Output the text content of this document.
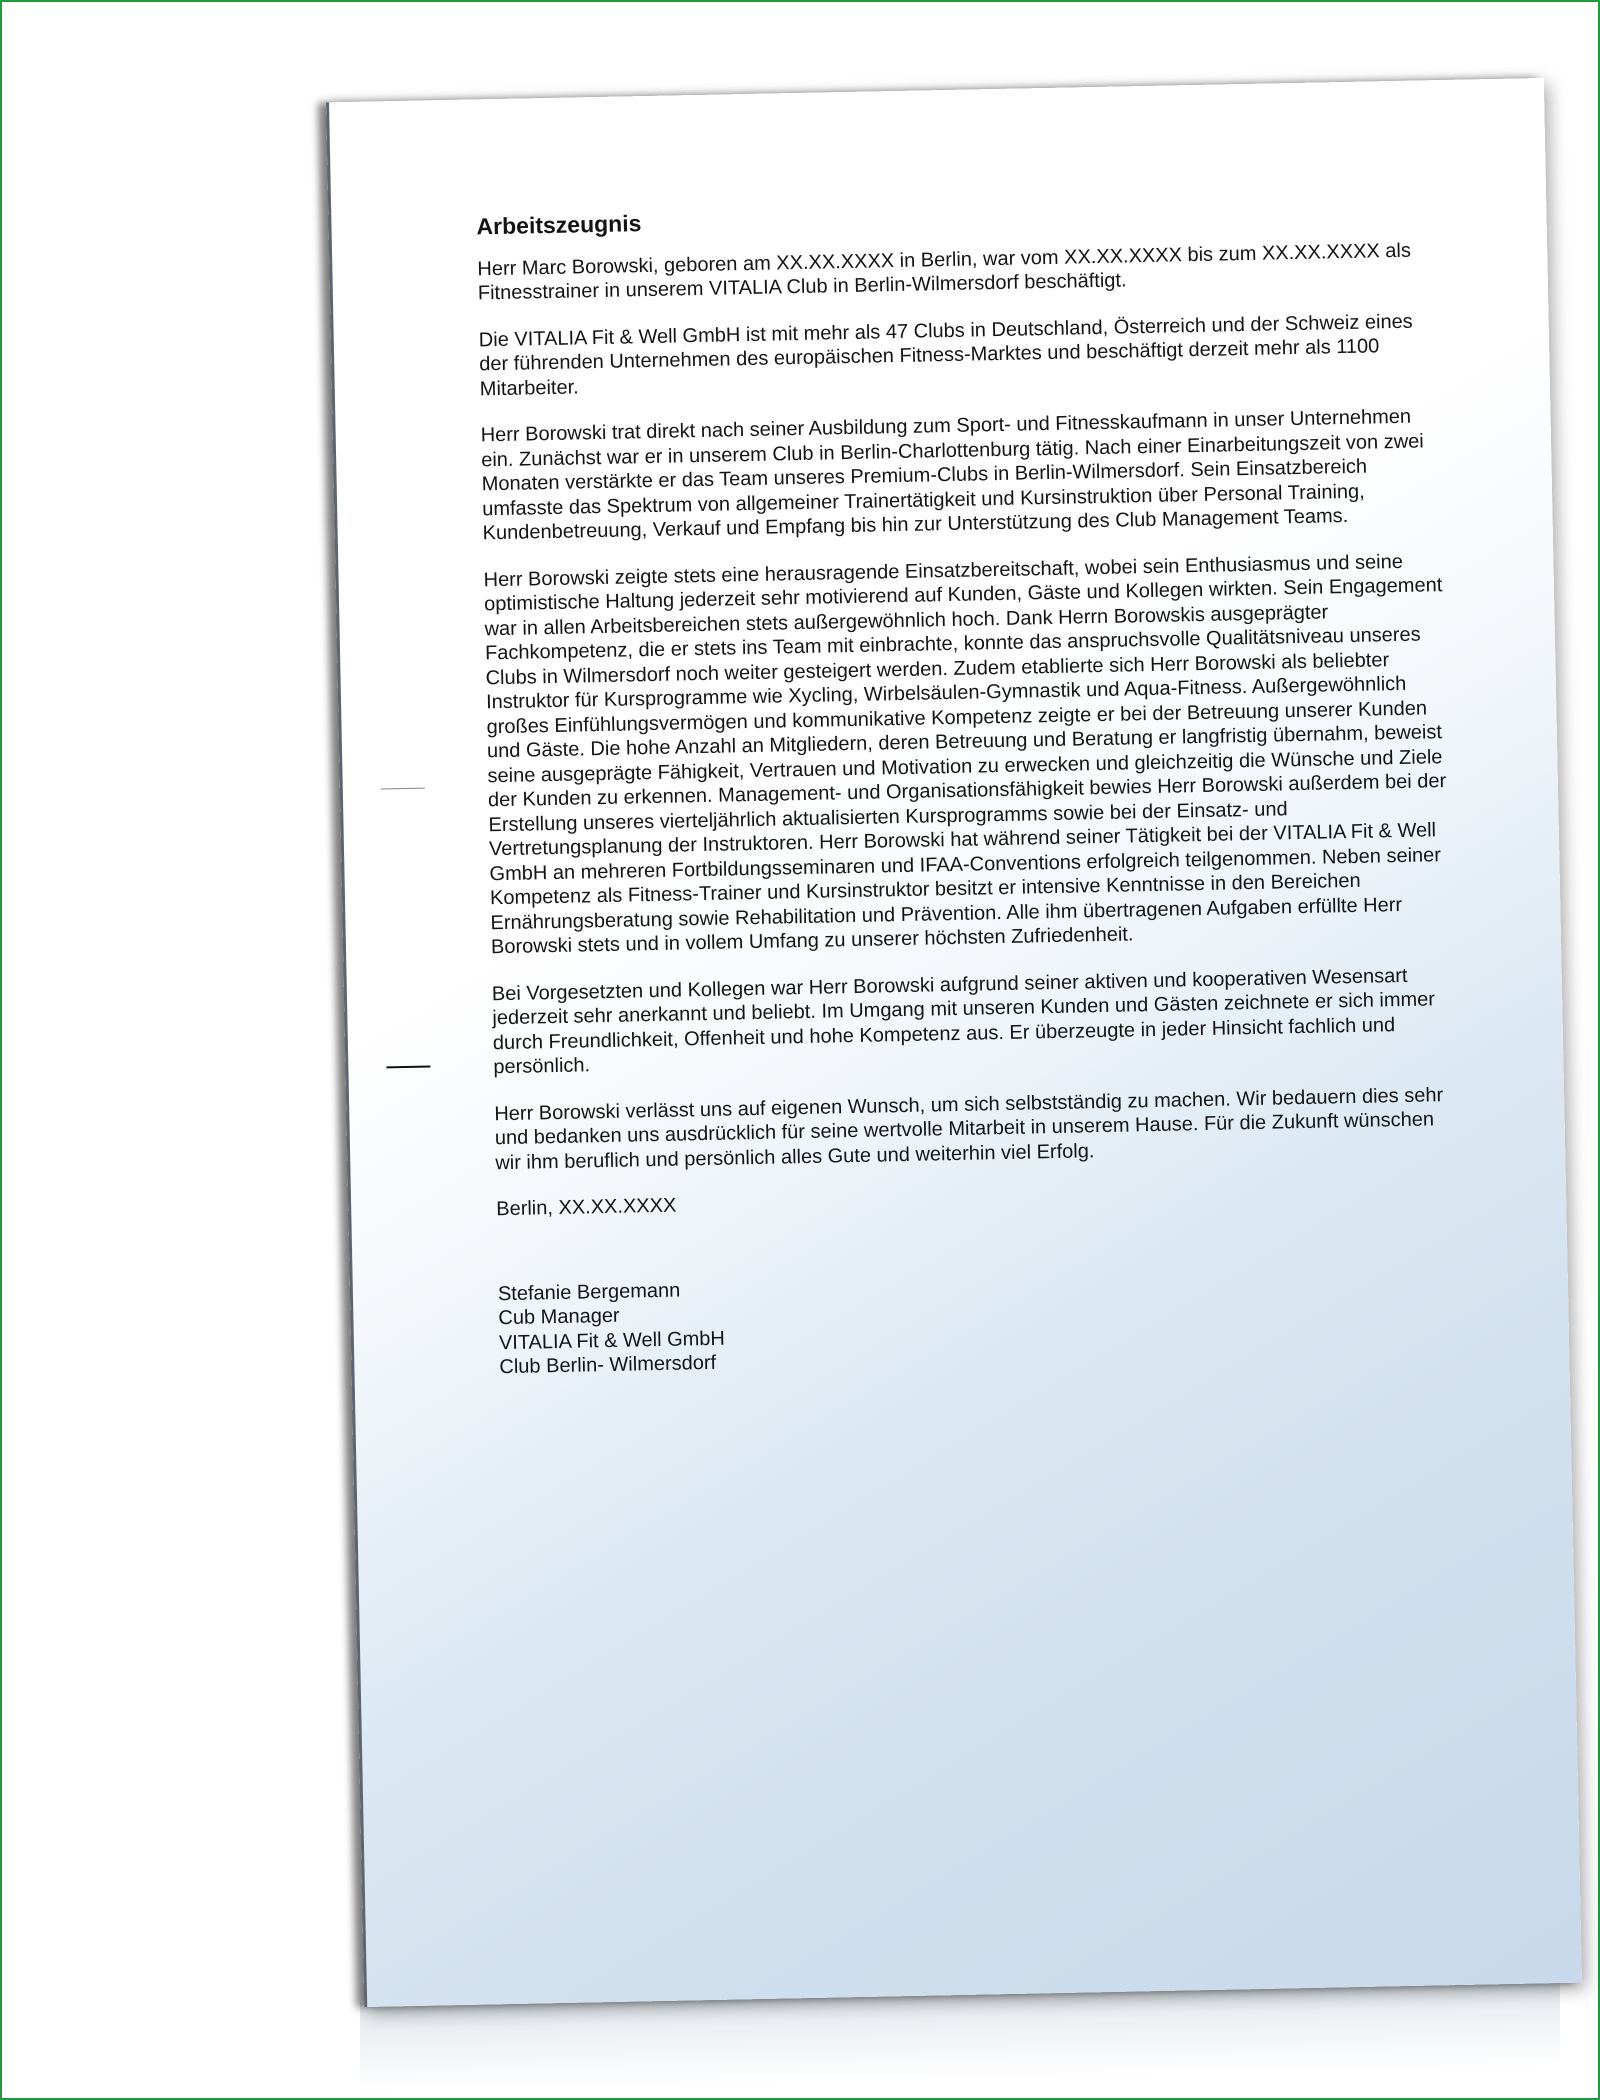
Arbeitszeugnis

Herr Marc Borowski, geboren am XX.XX.XXXX in Berlin, war vom XX.XX.XXXX bis zum XX.XX.XXXX als Fitnesstrainer in unserem VITALIA Club in Berlin-Wilmersdorf beschäftigt.

Die VITALIA Fit & Well GmbH ist mit mehr als 47 Clubs in Deutschland, Österreich und der Schweiz eines der führenden Unternehmen des europäischen Fitness-Marktes und beschäftigt derzeit mehr als 1100 Mitarbeiter.

Herr Borowski trat direkt nach seiner Ausbildung zum Sport- und Fitnesskaufmann in unser Unternehmen ein. Zunächst war er in unserem Club in Berlin-Charlottenburg tätig. Nach einer Einarbeitungszeit von zwei Monaten verstärkte er das Team unseres Premium-Clubs in Berlin-Wilmersdorf. Sein Einsatzbereich umfasste das Spektrum von allgemeiner Trainertätigkeit und Kursinstruktion über Personal Training, Kundenbetreuung, Verkauf und Empfang bis hin zur Unterstützung des Club Management Teams.

Herr Borowski zeigte stets eine herausragende Einsatzbereitschaft, wobei sein Enthusiasmus und seine optimistische Haltung jederzeit sehr motivierend auf Kunden, Gäste und Kollegen wirkten. Sein Engagement war in allen Arbeitsbereichen stets außergewöhnlich hoch. Dank Herrn Borowskis ausgeprägter Fachkompetenz, die er stets ins Team mit einbrachte, konnte das anspruchsvolle Qualitätsniveau unseres Clubs in Wilmersdorf noch weiter gesteigert werden. Zudem etablierte sich Herr Borowski als beliebter Instruktor für Kursprogramme wie Xycling, Wirbelsäulen-Gymnastik und Aqua-Fitness. Außergewöhnlich großes Einfühlungsvermögen und kommunikative Kompetenz zeigte er bei der Betreuung unserer Kunden und Gäste. Die hohe Anzahl an Mitgliedern, deren Betreuung und Beratung er langfristig übernahm, beweist seine ausgeprägte Fähigkeit, Vertrauen und Motivation zu erwecken und gleichzeitig die Wünsche und Ziele der Kunden zu erkennen. Management- und Organisationsfähigkeit bewies Herr Borowski außerdem bei der Erstellung unseres vierteljährlich aktualisierten Kursprogramms sowie bei der Einsatz- und Vertretungsplanung der Instruktoren. Herr Borowski hat während seiner Tätigkeit bei der VITALIA Fit & Well GmbH an mehreren Fortbildungsseminaren und IFAA-Conventions erfolgreich teilgenommen. Neben seiner Kompetenz als Fitness-Trainer und Kursinstruktor besitzt er intensive Kenntnisse in den Bereichen Ernährungsberatung sowie Rehabilitation und Prävention. Alle ihm übertragenen Aufgaben erfüllte Herr Borowski stets und in vollem Umfang zu unserer höchsten Zufriedenheit.

Bei Vorgesetzten und Kollegen war Herr Borowski aufgrund seiner aktiven und kooperativen Wesensart jederzeit sehr anerkannt und beliebt. Im Umgang mit unseren Kunden und Gästen zeichnete er sich immer durch Freundlichkeit, Offenheit und hohe Kompetenz aus. Er überzeugte in jeder Hinsicht fachlich und persönlich.

Herr Borowski verlässt uns auf eigenen Wunsch, um sich selbstständig zu machen. Wir bedauern dies sehr und bedanken uns ausdrücklich für seine wertvolle Mitarbeit in unserem Hause. Für die Zukunft wünschen wir ihm beruflich und persönlich alles Gute und weiterhin viel Erfolg.

Berlin, XX.XX.XXXX

Stefanie Bergemann

Cub Manager

VITALIA Fit & Well GmbH

Club Berlin- Wilmersdorf
